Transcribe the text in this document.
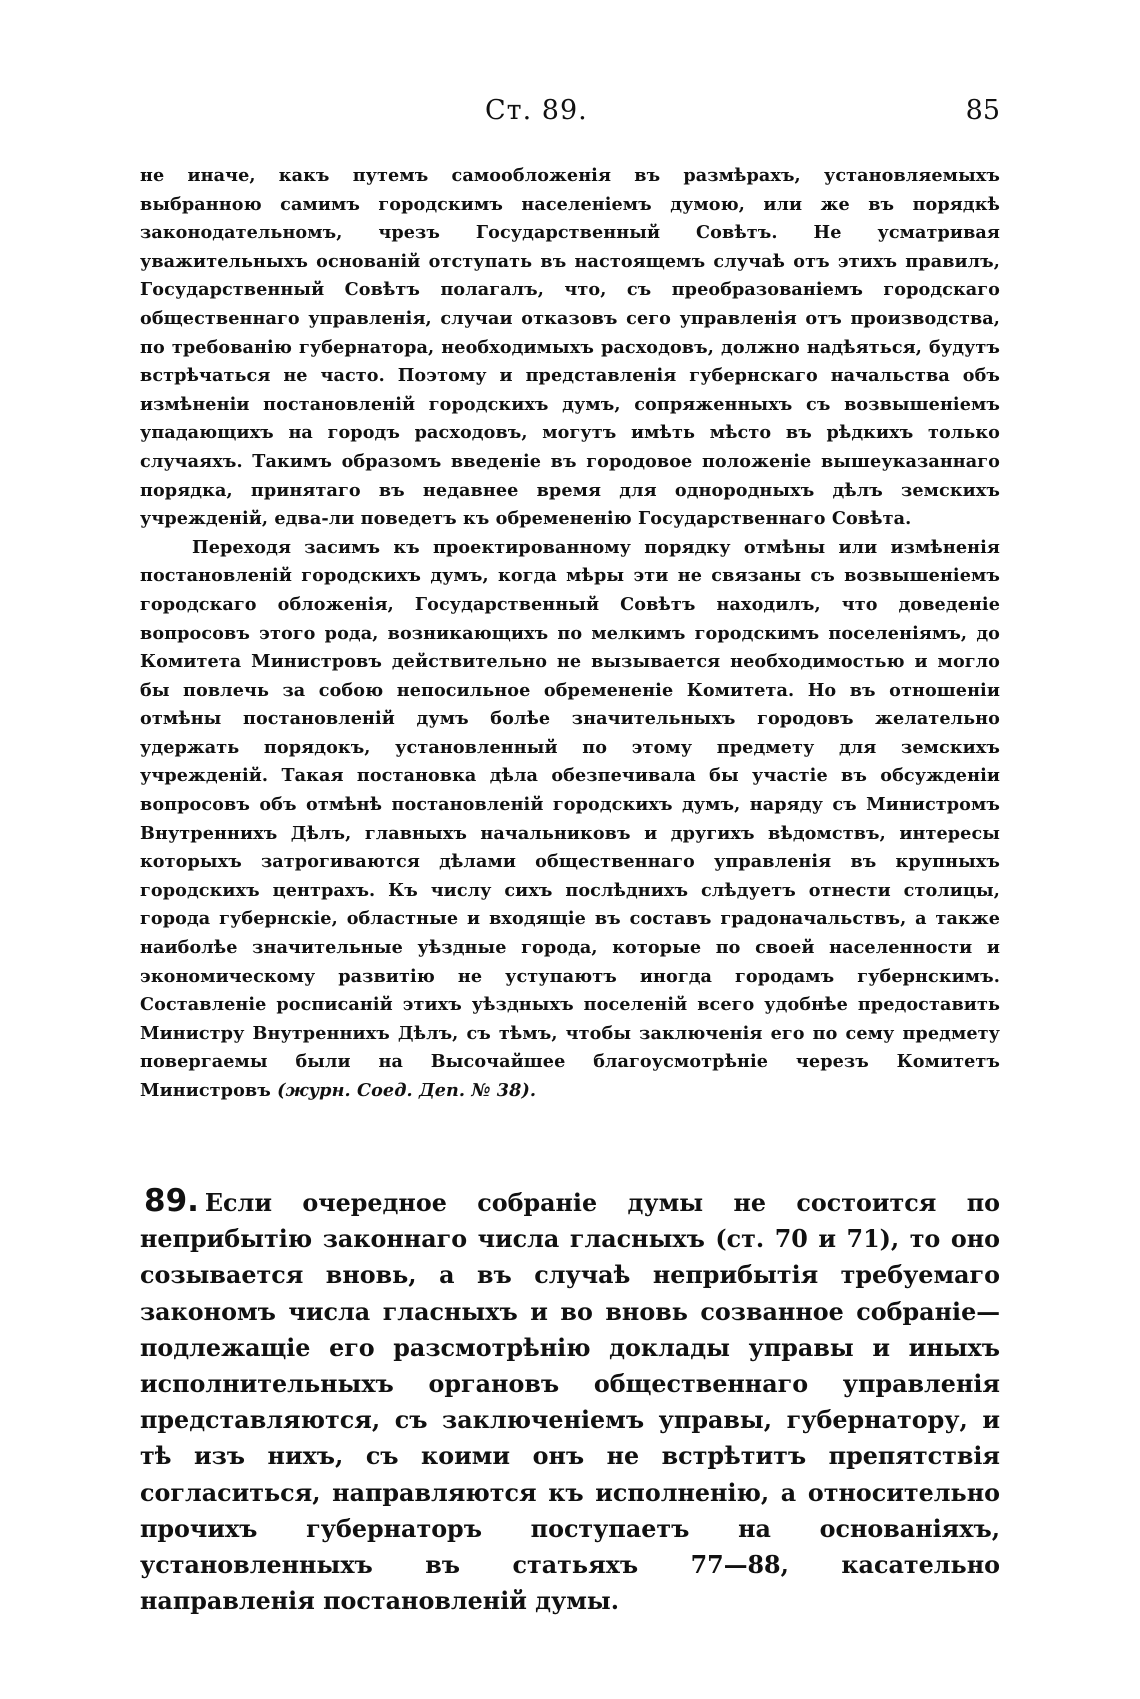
Ст. 89.	85

не иначе, какъ путемъ самообложенія въ размѣрахъ, установляемыхъ выбранною самимъ городскимъ населеніемъ думою, или же въ порядкѣ законодательномъ, чрезъ Государственный Совѣтъ. Не усматривая уважительныхъ основаній отступать въ настоящемъ случаѣ отъ этихъ правилъ, Государственный Совѣтъ полагалъ, что, съ преобразованіемъ городскаго общественнаго управленія, случаи отказовъ сего управленія отъ производства, по требованію губернатора, необходимыхъ расходовъ, должно надѣяться, будутъ встрѣчаться не часто. Поэтому и представленія губернскаго начальства объ измѣненіи постановленій городскихъ думъ, сопряженныхъ съ возвышеніемъ упадающихъ на городъ расходовъ, могутъ имѣть мѣсто въ рѣдкихъ только случаяхъ. Такимъ образомъ введеніе въ городовое положеніе вышеуказаннаго порядка, принятаго въ недавнее время для однородныхъ дѣлъ земскихъ учрежденій, едва-ли поведетъ къ обремененію Государственнаго Совѣта.

Переходя засимъ къ проектированному порядку отмѣны или измѣненія постановленій городскихъ думъ, когда мѣры эти не связаны съ возвышеніемъ городскаго обложенія, Государственный Совѣтъ находилъ, что доведеніе вопросовъ этого рода, возникающихъ по мелкимъ городскимъ поселеніямъ, до Комитета Министровъ действительно не вызывается необходимостью и могло бы повлечь за собою непосильное обремененіе Комитета. Но въ отношеніи отмѣны постановленій думъ болѣе значительныхъ городовъ желательно удержать порядокъ, установленный по этому предмету для земскихъ учрежденій. Такая постановка дѣла обезпечивала бы участіе въ обсужденіи вопросовъ объ отмѣнѣ постановленій городскихъ думъ, наряду съ Министромъ Внутреннихъ Дѣлъ, главныхъ начальниковъ и другихъ вѣдомствъ, интересы которыхъ затрогиваются дѣлами общественнаго управленія въ крупныхъ городскихъ центрахъ. Къ числу сихъ послѣднихъ слѣдуетъ отнести столицы, города губернскіе, областные и входящіе въ составъ градоначальствъ, а также наиболѣе значительные уѣздные города, которые по своей населенности и экономическому развитію не уступаютъ иногда городамъ губернскимъ. Составленіе росписаній этихъ уѣздныхъ поселеній всего удобнѣе предоставить Министру Внутреннихъ Дѣлъ, съ тѣмъ, чтобы заключенія его по сему предмету повергаемы были на Высочайшее благоусмотрѣніе черезъ Комитетъ Министровъ (журн. Соед. Деп. № 38).

89. Если очередное собраніе думы не состоится по неприбытію законнаго числа гласныхъ (ст. 70 и 71), то оно созывается вновь, а въ случаѣ неприбытія требуемаго закономъ числа гласныхъ и во вновь созванное собраніе—подлежащіе его разсмотрѣнію доклады управы и иныхъ исполнительныхъ органовъ общественнаго управленія представляются, съ заключеніемъ управы, губернатору, и тѣ изъ нихъ, съ коими онъ не встрѣтитъ препятствія согласиться, направляются къ исполненію, а относительно прочихъ губернаторъ поступаетъ на основаніяхъ, установленныхъ въ статьяхъ 77—88, касательно направленія постановленій думы.
